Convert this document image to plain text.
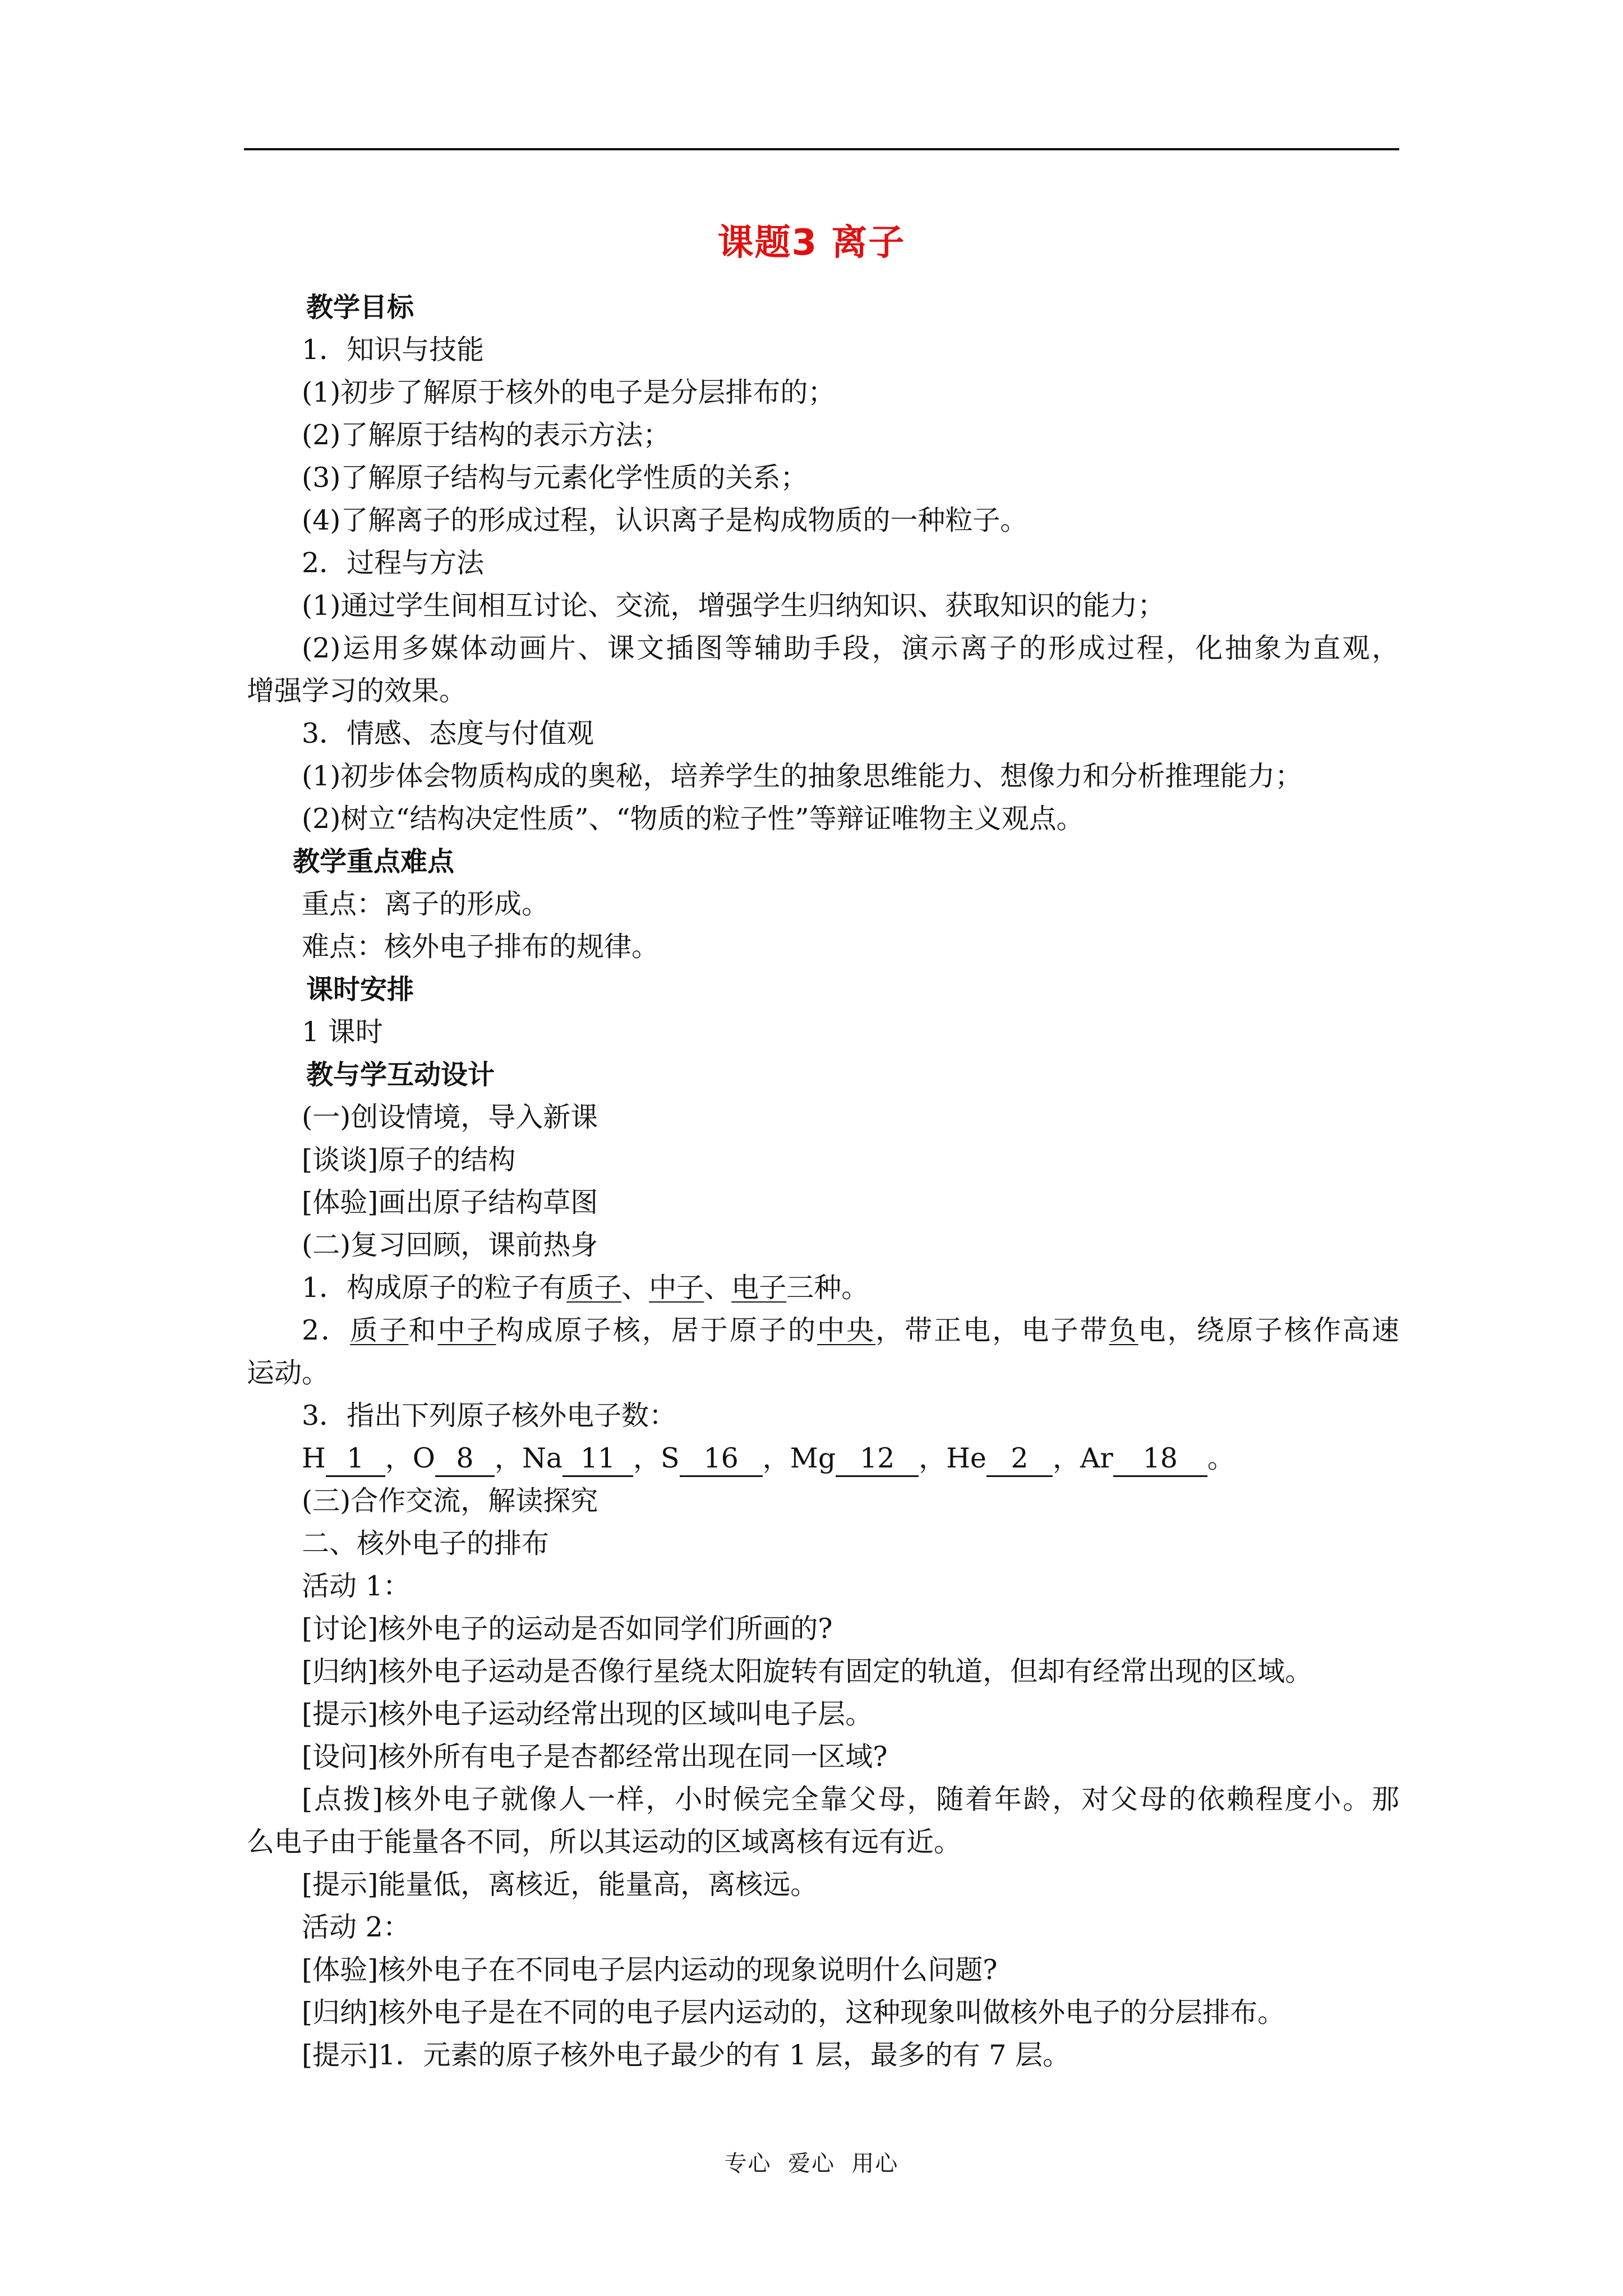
课题3 离子
教学目标
1．知识与技能
(1)初步了解原于核外的电子是分层排布的；
(2)了解原于结构的表示方法；
(3)了解原子结构与元素化学性质的关系；
(4)了解离子的形成过程，认识离子是构成物质的一种粒子。
2．过程与方法
(1)通过学生间相互讨论、交流，增强学生归纳知识、获取知识的能力；
(2)运用多媒体动画片、课文插图等辅助手段，演示离子的形成过程，化抽象为直观，
增强学习的效果。
3．情感、态度与付值观
(1)初步体会物质构成的奥秘，培养学生的抽象思维能力、想像力和分析推理能力；
(2)树立“结构决定性质”、“物质的粒子性”等辩证唯物主义观点。
教学重点难点
重点：离子的形成。
难点：核外电子排布的规律。
课时安排
1 课时
教与学互动设计
(一)创设情境，导入新课
[谈谈]原子的结构
[体验]画出原子结构草图
(二)复习回顾，课前热身
1．构成原子的粒子有质子、中子、电子三种。
2．质子和中子构成原子核，居于原子的中央，带正电，电子带负电，绕原子核作高速
运动。
3．指出下列原子核外电子数：
H 1 ，O 8 ，Na 11 ，S 16 ，Mg 12 ，He 2 ，Ar 18 。
(三)合作交流，解读探究
二、核外电子的排布
活动 1：
[讨论]核外电子的运动是否如同学们所画的?
[归纳]核外电子运动是否像行星绕太阳旋转有固定的轨道，但却有经常出现的区域。
[提示]核外电子运动经常出现的区域叫电子层。
[设问]核外所有电子是杏都经常出现在同一区域?
[点拨]核外电子就像人一样，小时候完全靠父母，随着年龄，对父母的依赖程度小。那
么电子由于能量各不同，所以其运动的区域离核有远有近。
[提示]能量低，离核近，能量高，离核远。
活动 2：
[体验]核外电子在不同电子层内运动的现象说明什么问题?
[归纳]核外电子是在不同的电子层内运动的，这种现象叫做核外电子的分层排布。
[提示]1．元素的原子核外电子最少的有 1 层，最多的有 7 层。
专心  爱心  用心
